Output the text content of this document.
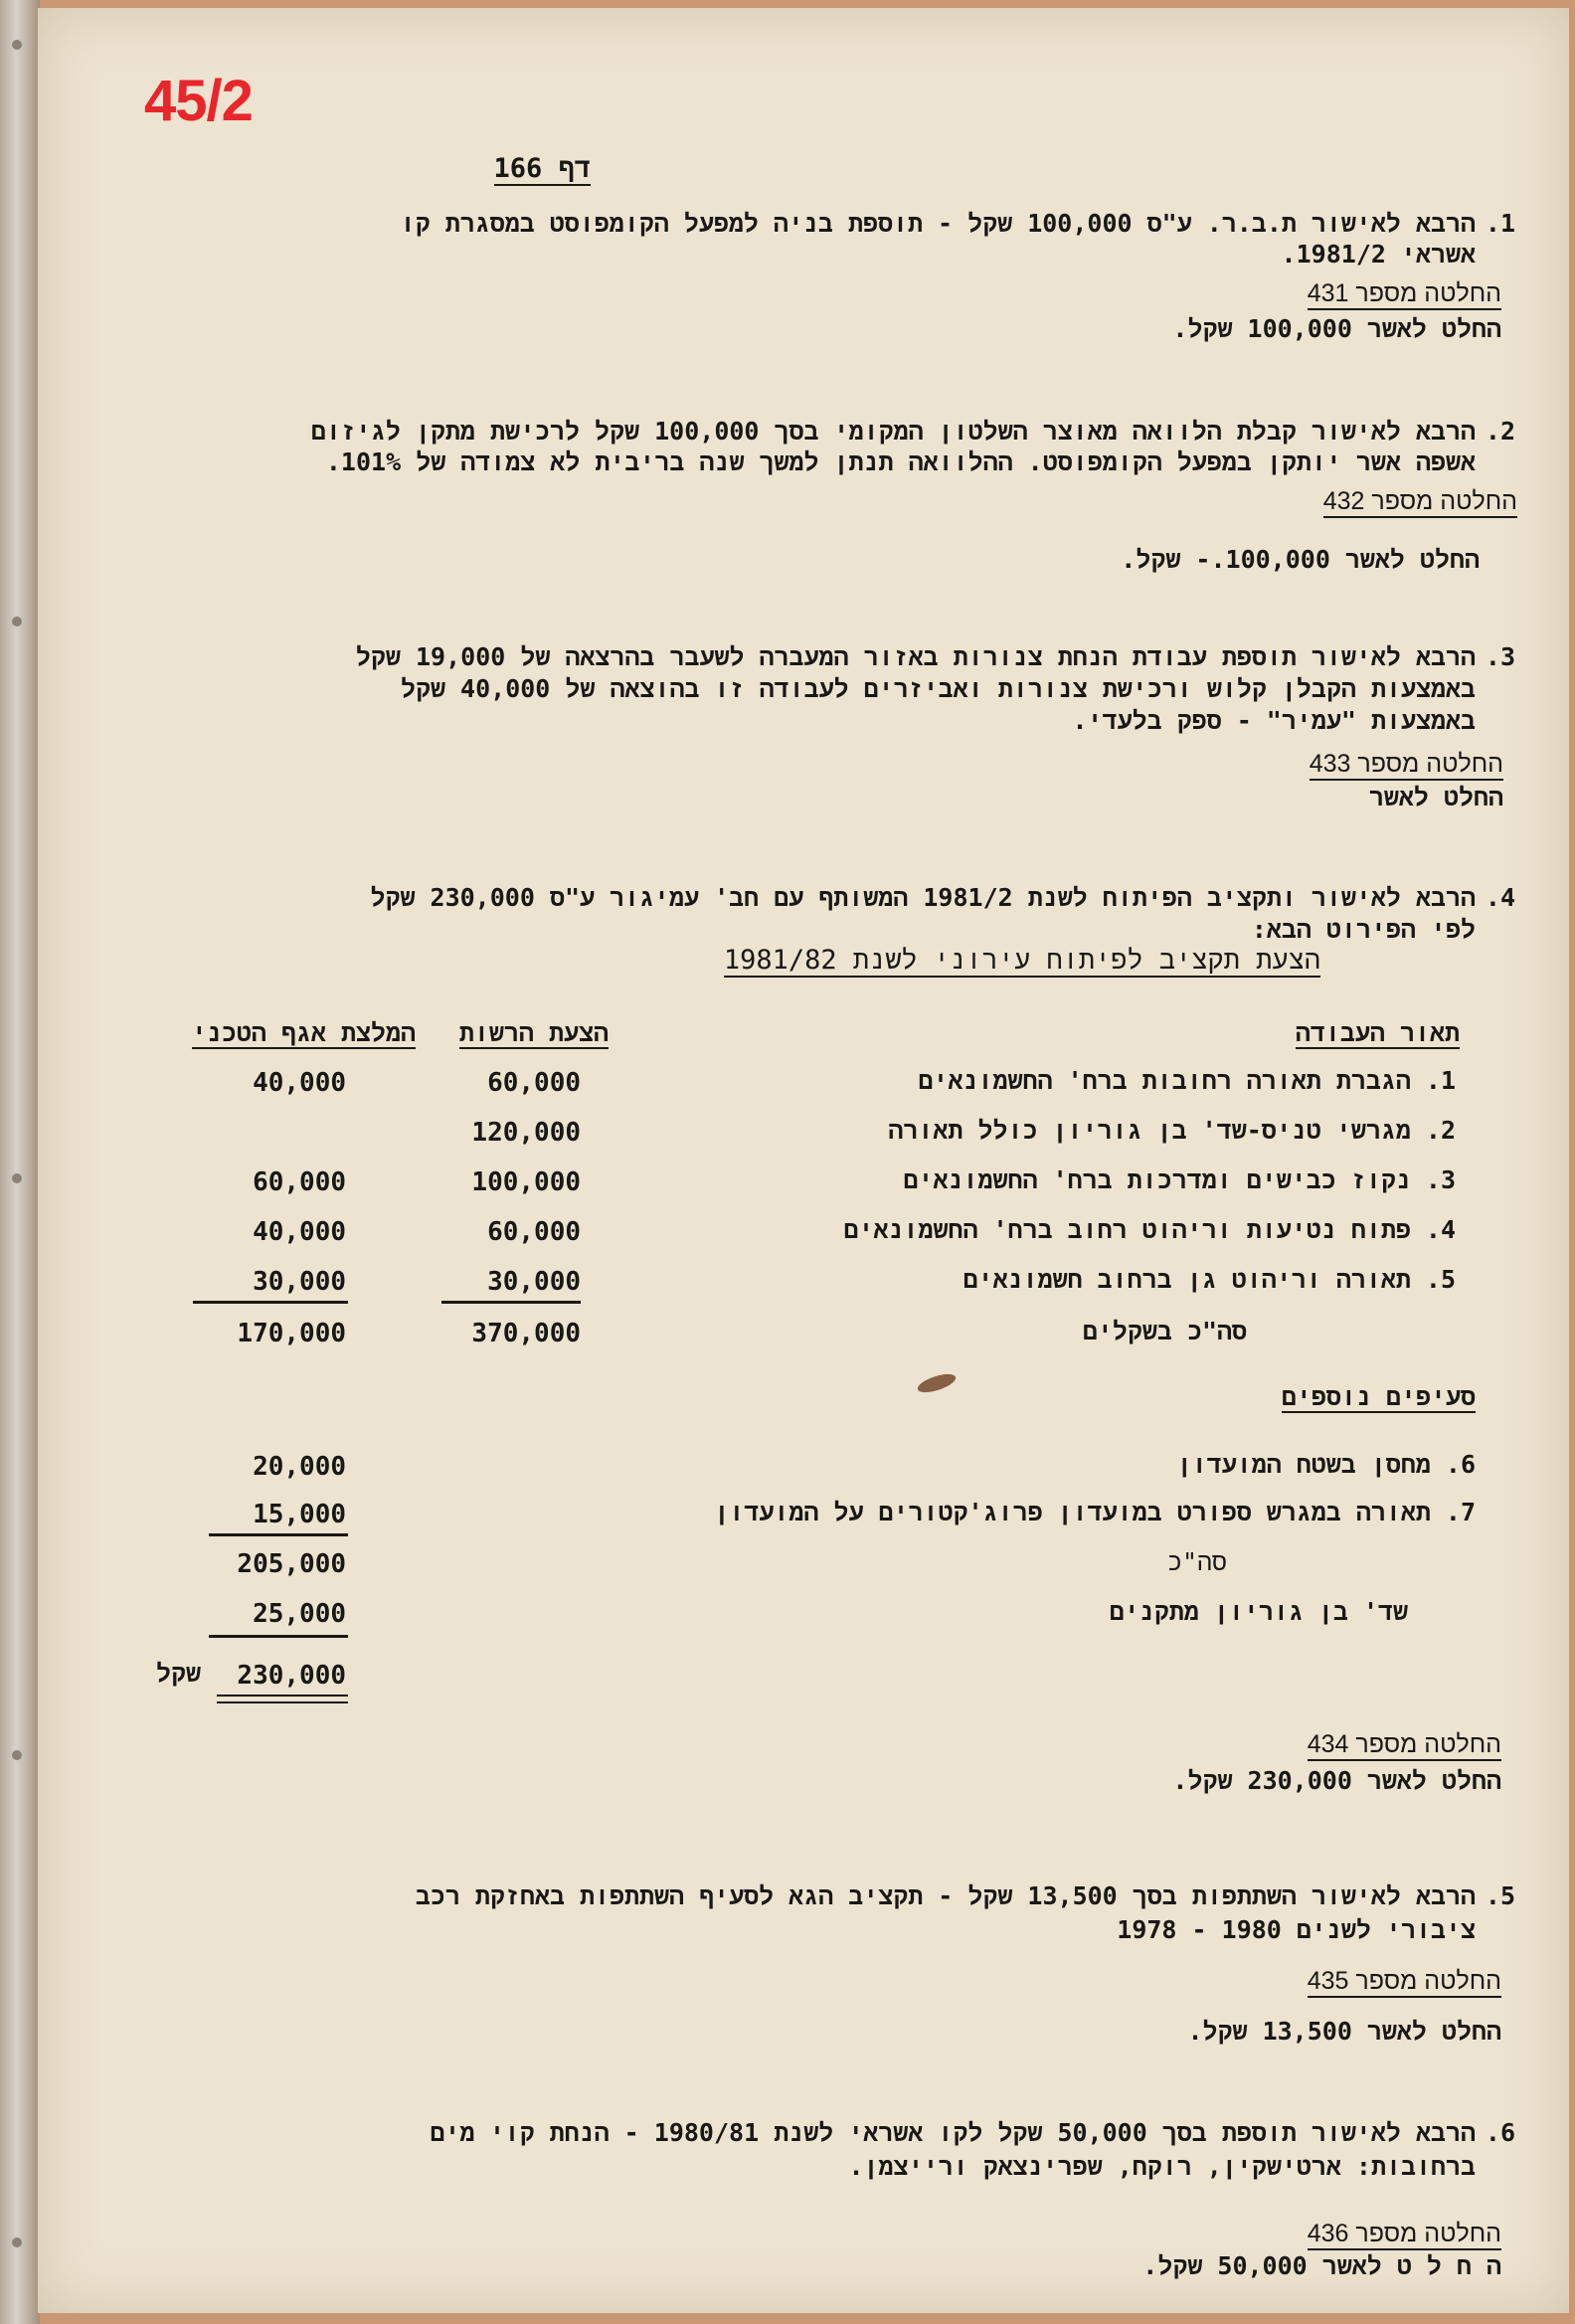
45/2
דף 166
1.
הרבא לאישור ת.ב.ר. ע"ס 100,000 שקל - תוספת בניה למפעל הקומפוסט במסגרת קו
אשראי 1981/2.
החלטה מספר 431
החלט לאשר 100,000 שקל.
2.
הרבא לאישור קבלת הלוואה מאוצר השלטון המקומי בסך 100,000 שקל לרכישת מתקן לגיזום
אשפה אשר יותקן במפעל הקומפוסט. ההלוואה תנתן למשך שנה בריבית לא צמודה של 101%.
החלטה מספר 432
החלט לאשר 100,000.- שקל.
3.
הרבא לאישור תוספת עבודת הנחת צנורות באזור המעברה לשעבר בהרצאה של 19,000 שקל
באמצעות הקבלן קלוש ורכישת צנורות ואביזרים לעבודה זו בהוצאה של 40,000 שקל
באמצעות "עמיר" - ספק בלעדי.
החלטה מספר 433
החלט לאשר
4.
הרבא לאישור ותקציב הפיתוח לשנת 1981/2 המשותף עם חב' עמיגור ע"ס 230,000 שקל
לפי הפירוט הבא:
הצעת תקציב לפיתוח עירוני לשנת 1981/82
תאור העבודה
הצעת הרשות
המלצת אגף הטכני
1. הגברת תאורה רחובות ברח' החשמונאים
60,000
40,000
2. מגרשי טניס-שד' בן גוריון כולל תאורה
120,000
3. נקוז כבישים ומדרכות ברח' החשמונאים
100,000
60,000
4. פתוח נטיעות וריהוט רחוב ברח' החשמונאים
60,000
40,000
5. תאורה וריהוט גן ברחוב חשמונאים
30,000
30,000
סה"כ בשקלים
370,000
170,000
סעיפים נוספים
6. מחסן בשטח המועדון
20,000
7. תאורה במגרש ספורט במועדון פרוג'קטורים על המועדון
15,000
סה"כ
205,000
שד' בן גוריון מתקנים
25,000
230,000
שקל
החלטה מספר 434
החלט לאשר 230,000 שקל.
5.
הרבא לאישור השתתפות בסך 13,500 שקל - תקציב הגא לסעיף השתתפות באחזקת רכב
ציבורי לשנים 1980 - 1978
החלטה מספר 435
החלט לאשר 13,500 שקל.
6.
הרבא לאישור תוספת בסך 50,000 שקל לקו אשראי לשנת 1980/81 - הנחת קוי מים
ברחובות: ארטישקין, רוקח, שפרינצאק ורייצמן.
החלטה מספר 436
ה ח ל ט לאשר 50,000 שקל.
